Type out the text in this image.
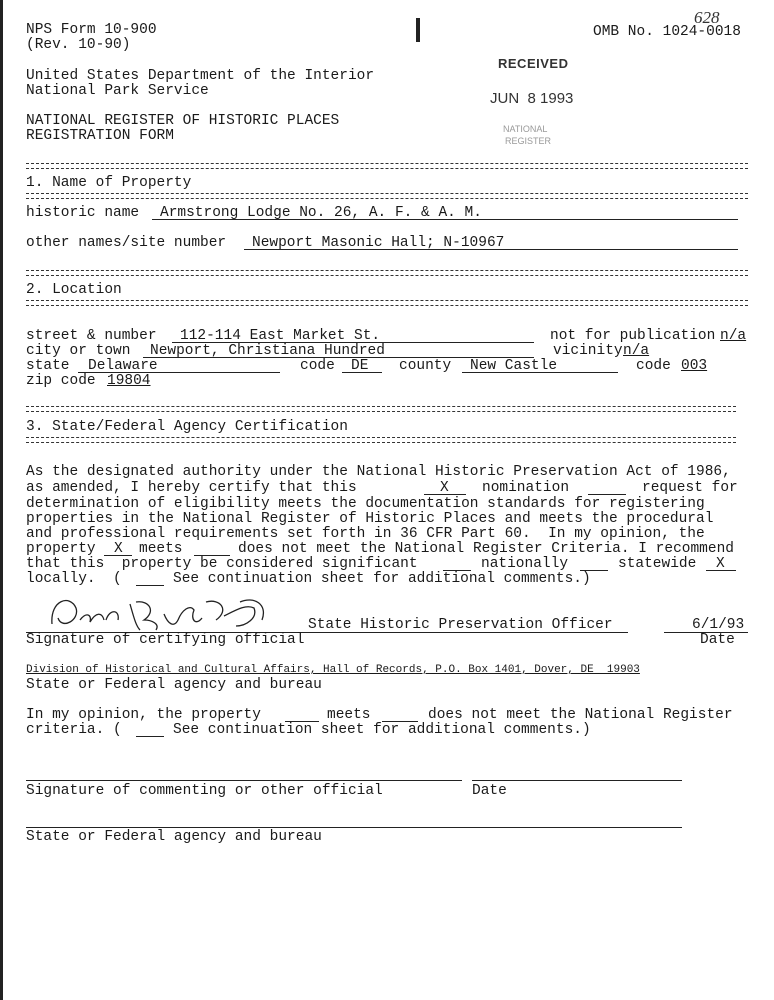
NPS Form 10-900
(Rev. 10-90)
OMB No. 1024-0018
628
United States Department of the Interior
National Park Service
NATIONAL REGISTER OF HISTORIC PLACES
REGISTRATION FORM
RECEIVED
JUN  8 1993
NATIONAL
REGISTER
1. Name of Property
historic name Armstrong Lodge No. 26, A. F. & A. M.
other names/site number Newport Masonic Hall; N-10967
2. Location
street & number 112-114 East Market St.	not for publication n/a
city or town Newport, Christiana Hundred	vicinity n/a
state Delaware	code DE county New Castle	code 003
zip code 19804
3. State/Federal Agency Certification
As the designated authority under the National Historic Preservation Act of 1986,
as amended, I hereby certify that this	X nomination	request for
determination of eligibility meets the documentation standards for registering
properties in the National Register of Historic Places and meets the procedural
and professional requirements set forth in 36 CFR Part 60.  In my opinion, the
property X meets	does not meet the National Register Criteria. I recommend
that this  property be considered significant	nationally	statewide X
locally.  (	See continuation sheet for additional comments.)
State Historic Preservation Officer	6/1/93
Signature of certifying official	Date
Division of Historical and Cultural Affairs, Hall of Records, P.O. Box 1401, Dover, DE  19903
State or Federal agency and bureau
In my opinion, the property	meets	does not meet the National Register
criteria. (	See continuation sheet for additional comments.)
Signature of commenting or other official	Date
State or Federal agency and bureau
